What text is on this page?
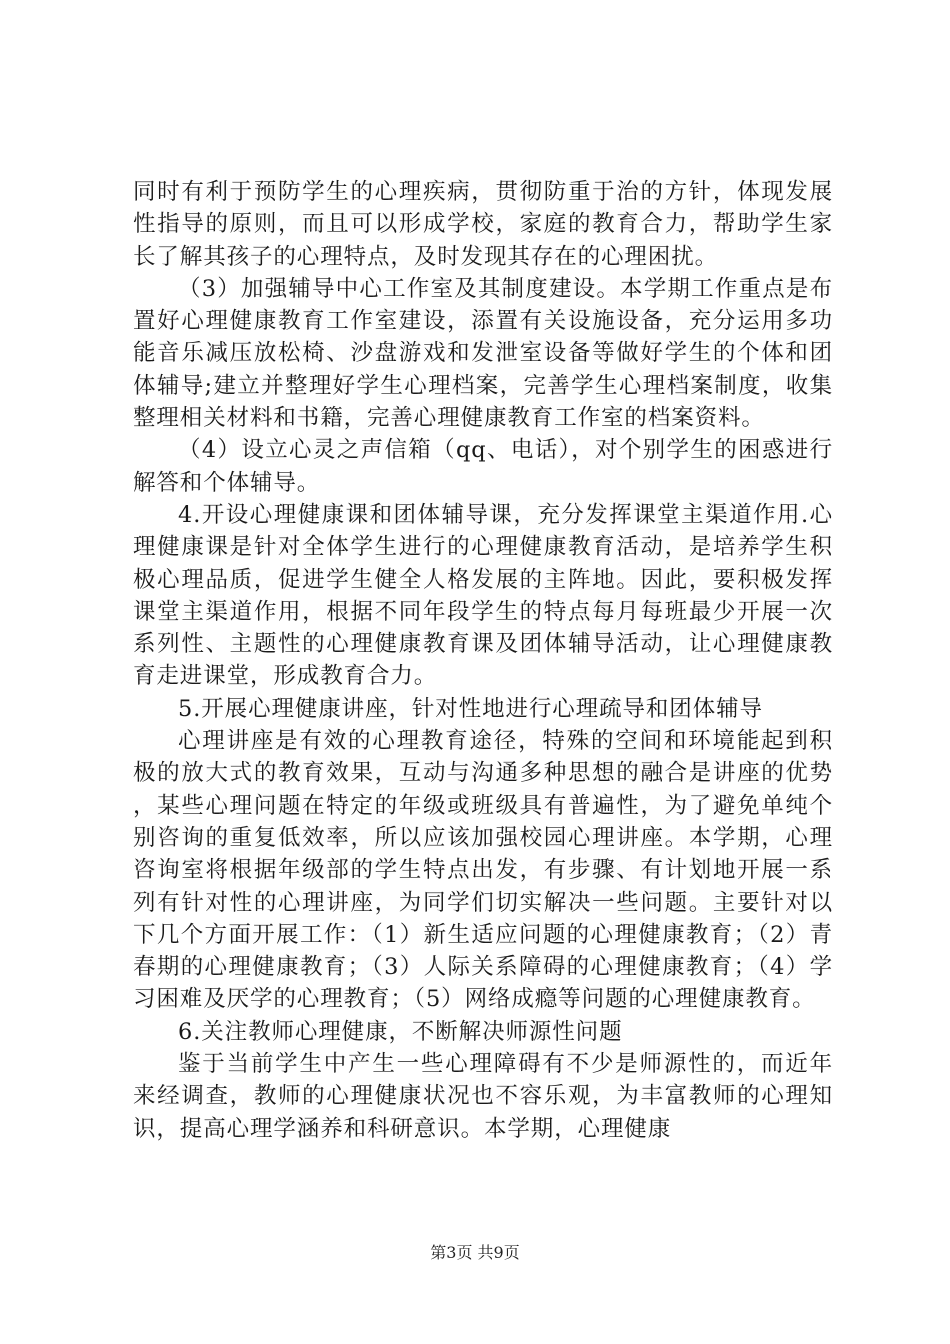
同时有利于预防学生的心理疾病，贯彻防重于治的方针，体现发展性指导的原则，而且可以形成学校，家庭的教育合力，帮助学生家长了解其孩子的心理特点，及时发现其存在的心理困扰。

（3）加强辅导中心工作室及其制度建设。本学期工作重点是布置好心理健康教育工作室建设，添置有关设施设备，充分运用多功能音乐减压放松椅、沙盘游戏和发泄室设备等做好学生的个体和团体辅导;建立并整理好学生心理档案，完善学生心理档案制度，收集整理相关材料和书籍，完善心理健康教育工作室的档案资料。

（4）设立心灵之声信箱（qq、电话），对个别学生的困惑进行解答和个体辅导。

4.开设心理健康课和团体辅导课，充分发挥课堂主渠道作用.心理健康课是针对全体学生进行的心理健康教育活动，是培养学生积极心理品质，促进学生健全人格发展的主阵地。因此，要积极发挥课堂主渠道作用，根据不同年段学生的特点每月每班最少开展一次系列性、主题性的心理健康教育课及团体辅导活动，让心理健康教育走进课堂，形成教育合力。

5.开展心理健康讲座，针对性地进行心理疏导和团体辅导

心理讲座是有效的心理教育途径，特殊的空间和环境能起到积极的放大式的教育效果，互动与沟通多种思想的融合是讲座的优势，某些心理问题在特定的年级或班级具有普遍性，为了避免单纯个别咨询的重复低效率，所以应该加强校园心理讲座。本学期，心理咨询室将根据年级部的学生特点出发，有步骤、有计划地开展一系列有针对性的心理讲座，为同学们切实解决一些问题。主要针对以下几个方面开展工作：（1）新生适应问题的心理健康教育；（2）青春期的心理健康教育；（3）人际关系障碍的心理健康教育；（4）学习困难及厌学的心理教育；（5）网络成瘾等问题的心理健康教育。

6.关注教师心理健康，不断解决师源性问题

鉴于当前学生中产生一些心理障碍有不少是师源性的，而近年来经调查，教师的心理健康状况也不容乐观，为丰富教师的心理知识，提高心理学涵养和科研意识。本学期，心理健康

第3页 共9页
